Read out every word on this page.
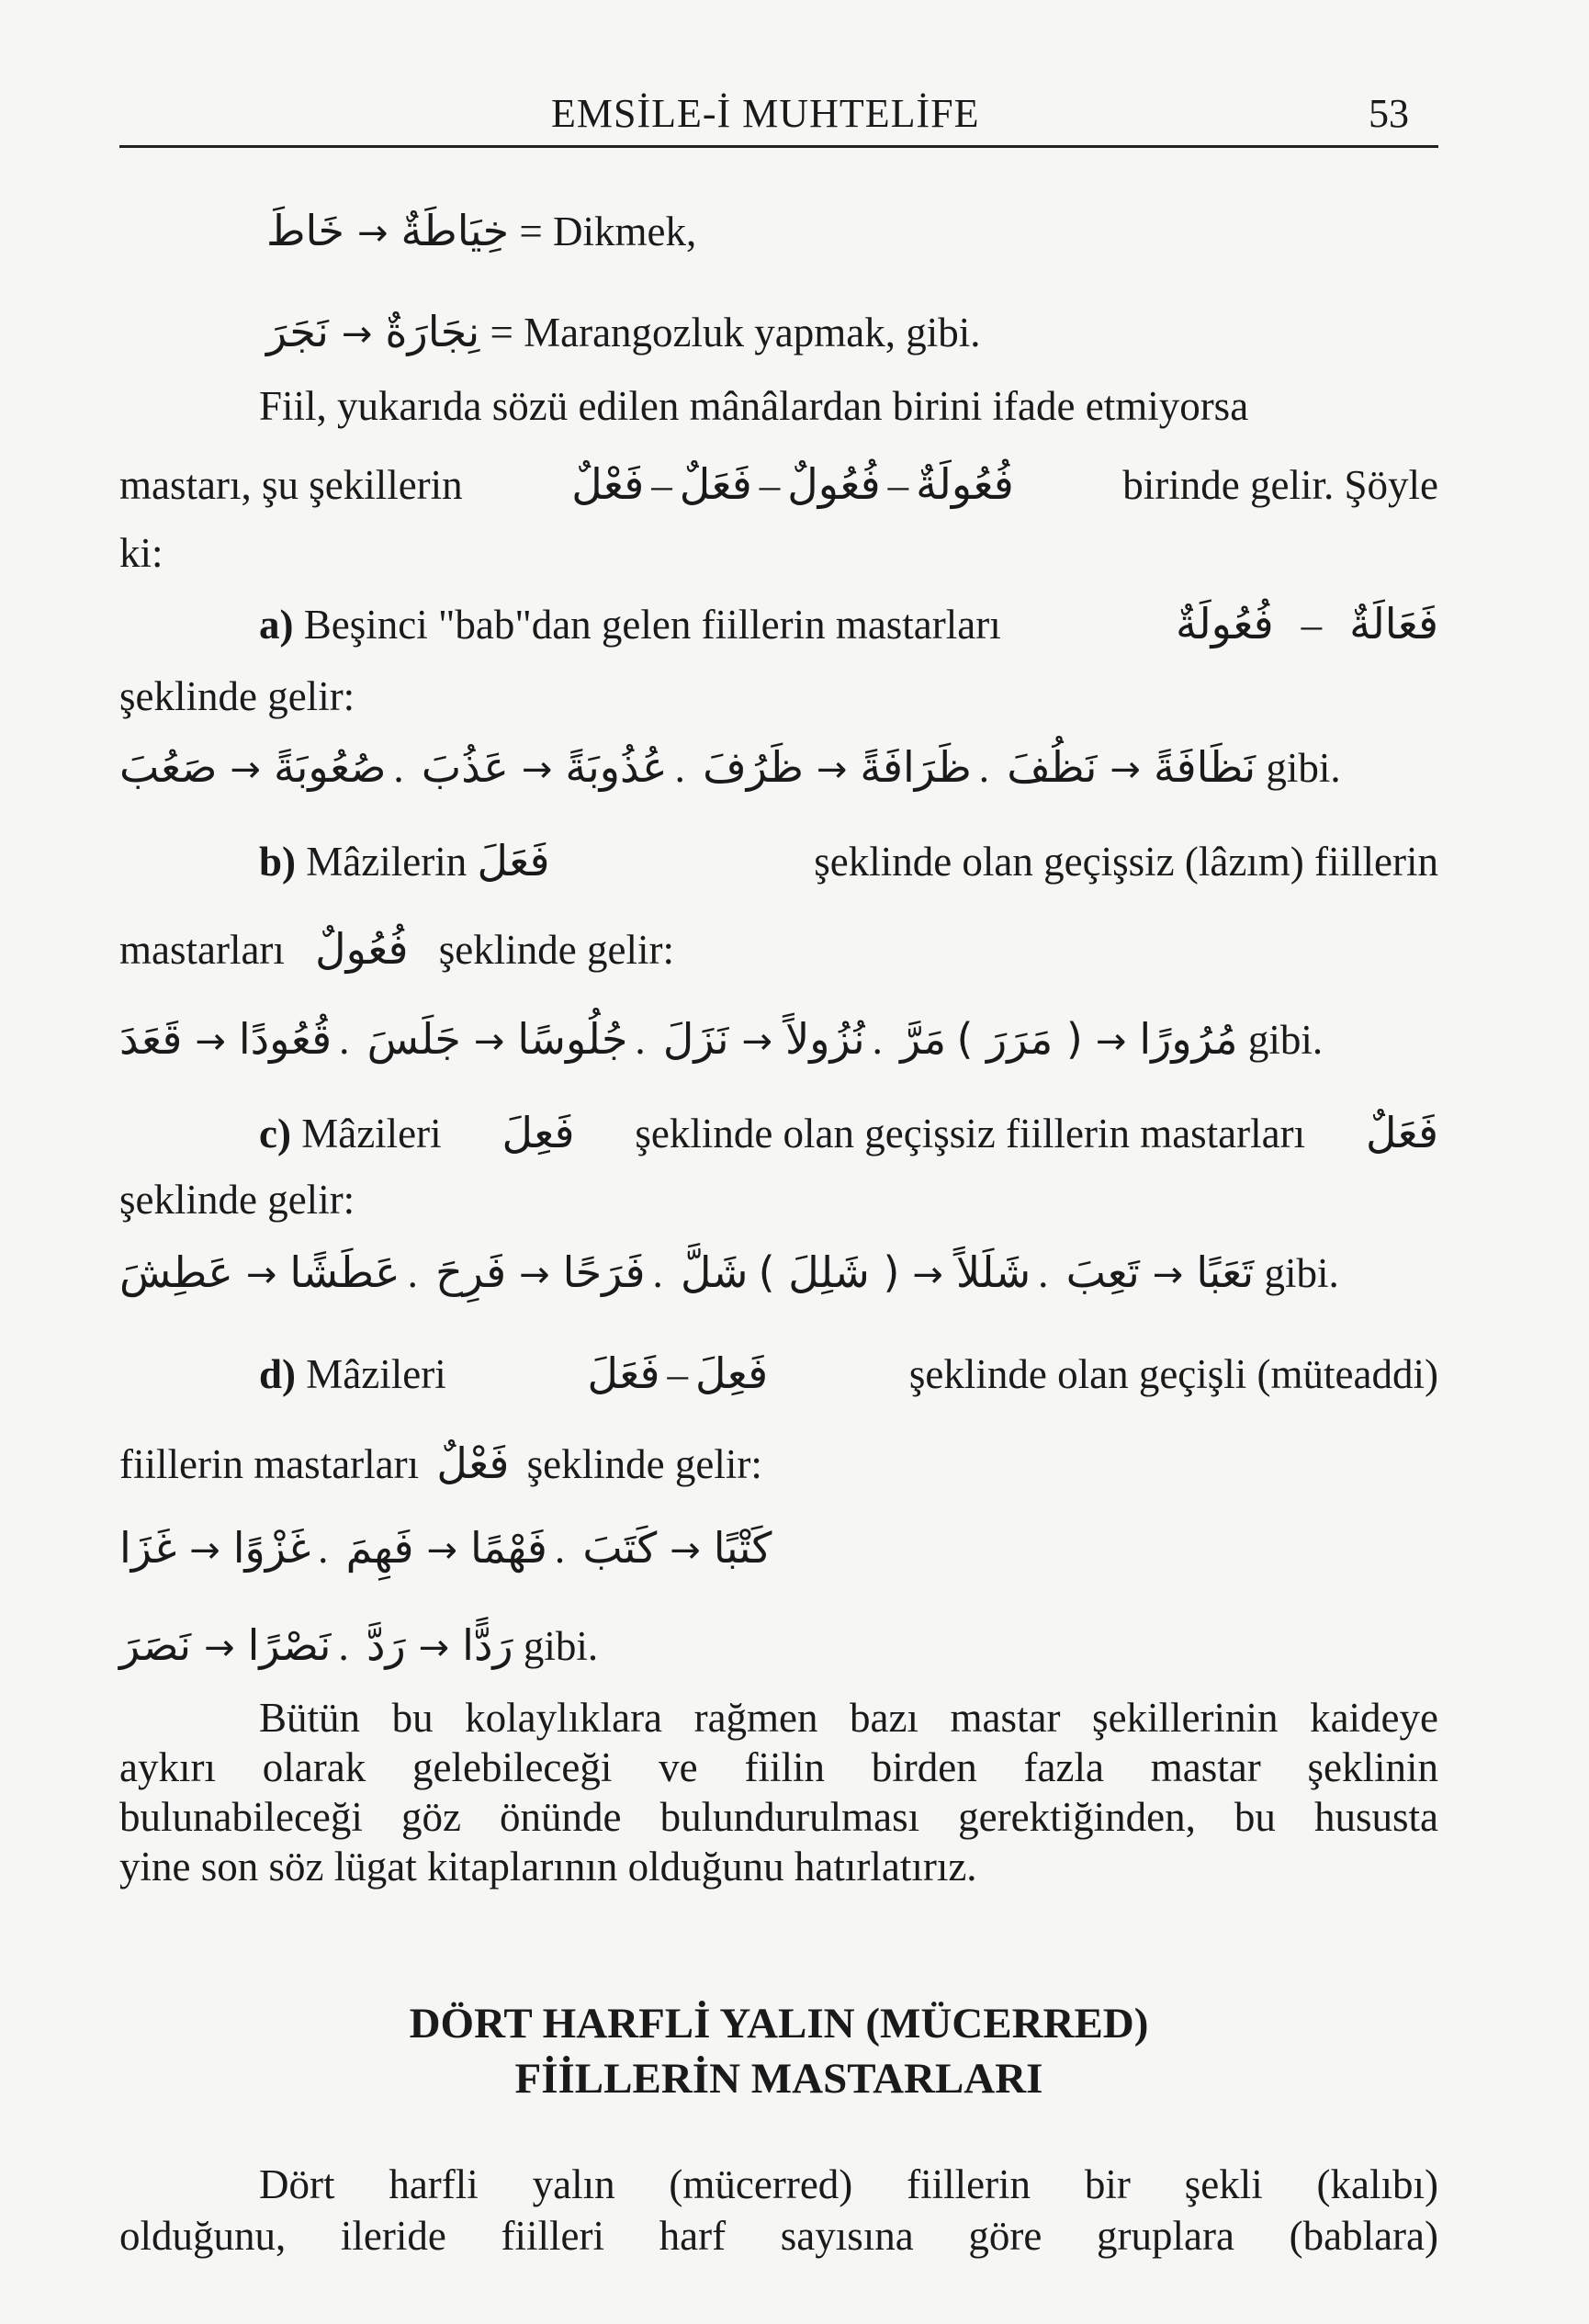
EMSİLE-İ MUHTELİFE	53
خَاطَ → خِيَاطَةٌ = Dikmek,
نَجَرَ → نِجَارَةٌ = Marangozluk yapmak, gibi.
Fiil, yukarıda sözü edilen mânâlardan birini ifade etmiyorsa
mastarı, şu şekillerin	فَعْلٌ – فَعَلٌ – فُعُولٌ – فُعُولَةٌ	birinde gelir. Şöyle
ki:
a) Beşinci "bab"dan gelen fiillerin mastarları	فُعُولَةٌ – فَعَالَةٌ
şeklinde gelir:
صَعُبَ → صُعُوبَةً . عَذُبَ → عُذُوبَةً . ظَرُفَ → ظَرَافَةً . نَظُفَ → نَظَافَةً gibi.
b) Mâzilerin فَعَلَ	şeklinde olan geçişsiz (lâzım) fiillerin
mastarları فُعُولٌ şeklinde gelir:
قَعَدَ → قُعُودًا . جَلَسَ → جُلُوسًا . نَزَلَ → نُزُولاً . مَرَّ ( مَرَرَ ) → مُرُورًا gibi.
c) Mâzileri فَعِلَ şeklinde olan geçişsiz fiillerin mastarları فَعَلٌ
şeklinde gelir:
عَطِشَ → عَطَشًا . فَرِحَ → فَرَحًا . شَلَّ ( شَلِلَ ) → شَلَلاً . تَعِبَ → تَعَبًا gibi.
d) Mâzileri	فَعَلَ – فَعِلَ	şeklinde olan geçişli (müteaddi)
fiillerin mastarları فَعْلٌ şeklinde gelir:
غَزَا → غَزْوًا . فَهِمَ → فَهْمًا . كَتَبَ → كَتْبًا
نَصَرَ → نَصْرًا . رَدَّ → رَدًّا gibi.
Bütün bu kolaylıklara rağmen bazı mastar şekillerinin kaideye
aykırı olarak gelebileceği ve fiilin birden fazla mastar şeklinin
bulunabileceği göz önünde bulundurulması gerektiğinden, bu hususta
yine son söz lügat kitaplarının olduğunu hatırlatırız.
DÖRT HARFLİ YALIN (MÜCERRED)
FİİLLERİN MASTARLARI
Dört harfli yalın (mücerred) fiillerin bir şekli (kalıbı)
olduğunu, ileride fiilleri harf sayısına göre gruplara (bablara)
